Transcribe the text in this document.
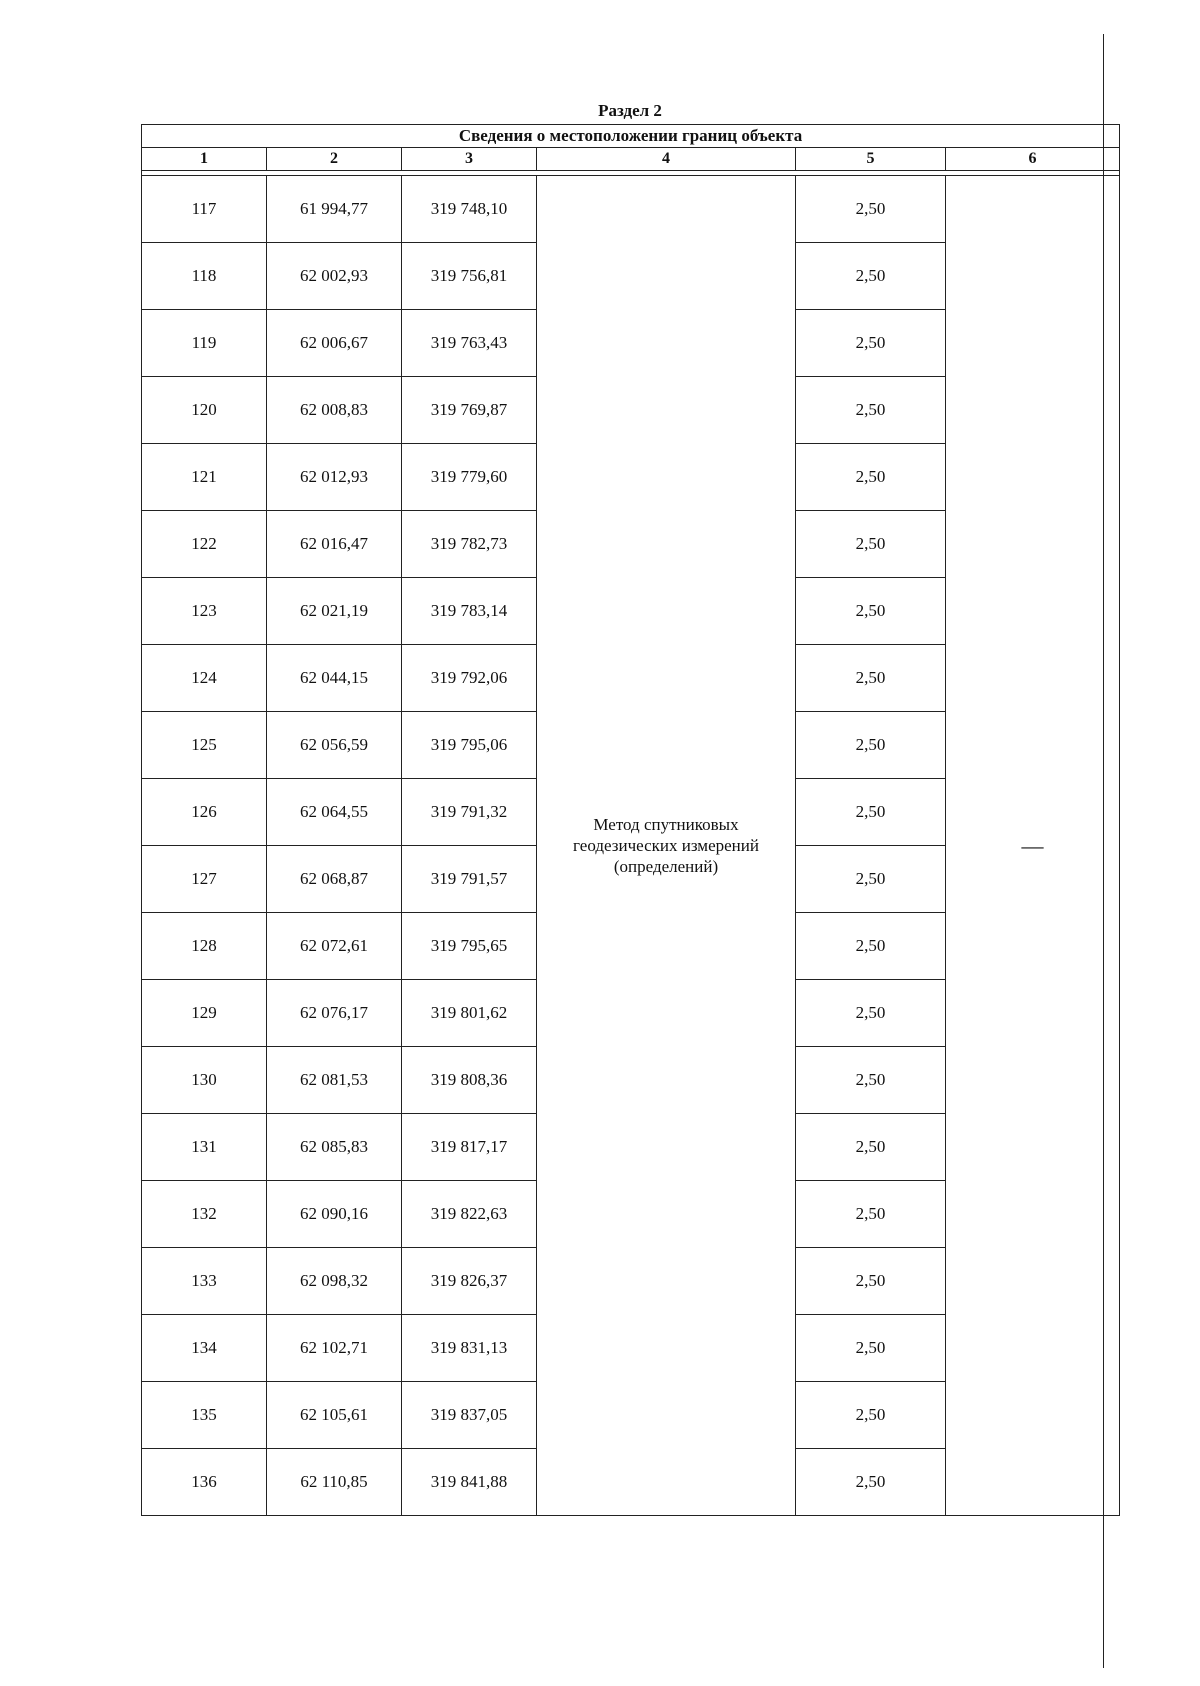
Раздел 2
Сведения о местоположении границ объекта					
1	2	3	4	5	6

117	61 994,77	319 748,10	Метод спутниковых геодезических измерений (определений)	2,50	—
118	62 002,93	319 756,81		2,50	
119	62 006,67	319 763,43		2,50	
120	62 008,83	319 769,87		2,50	
121	62 012,93	319 779,60		2,50	
122	62 016,47	319 782,73		2,50	
123	62 021,19	319 783,14		2,50	
124	62 044,15	319 792,06		2,50	
125	62 056,59	319 795,06		2,50	
126	62 064,55	319 791,32		2,50	
127	62 068,87	319 791,57		2,50	
128	62 072,61	319 795,65		2,50	
129	62 076,17	319 801,62		2,50	
130	62 081,53	319 808,36		2,50	
131	62 085,83	319 817,17		2,50	
132	62 090,16	319 822,63		2,50	
133	62 098,32	319 826,37		2,50	
134	62 102,71	319 831,13		2,50	
135	62 105,61	319 837,05		2,50	
136	62 110,85	319 841,88		2,50	
